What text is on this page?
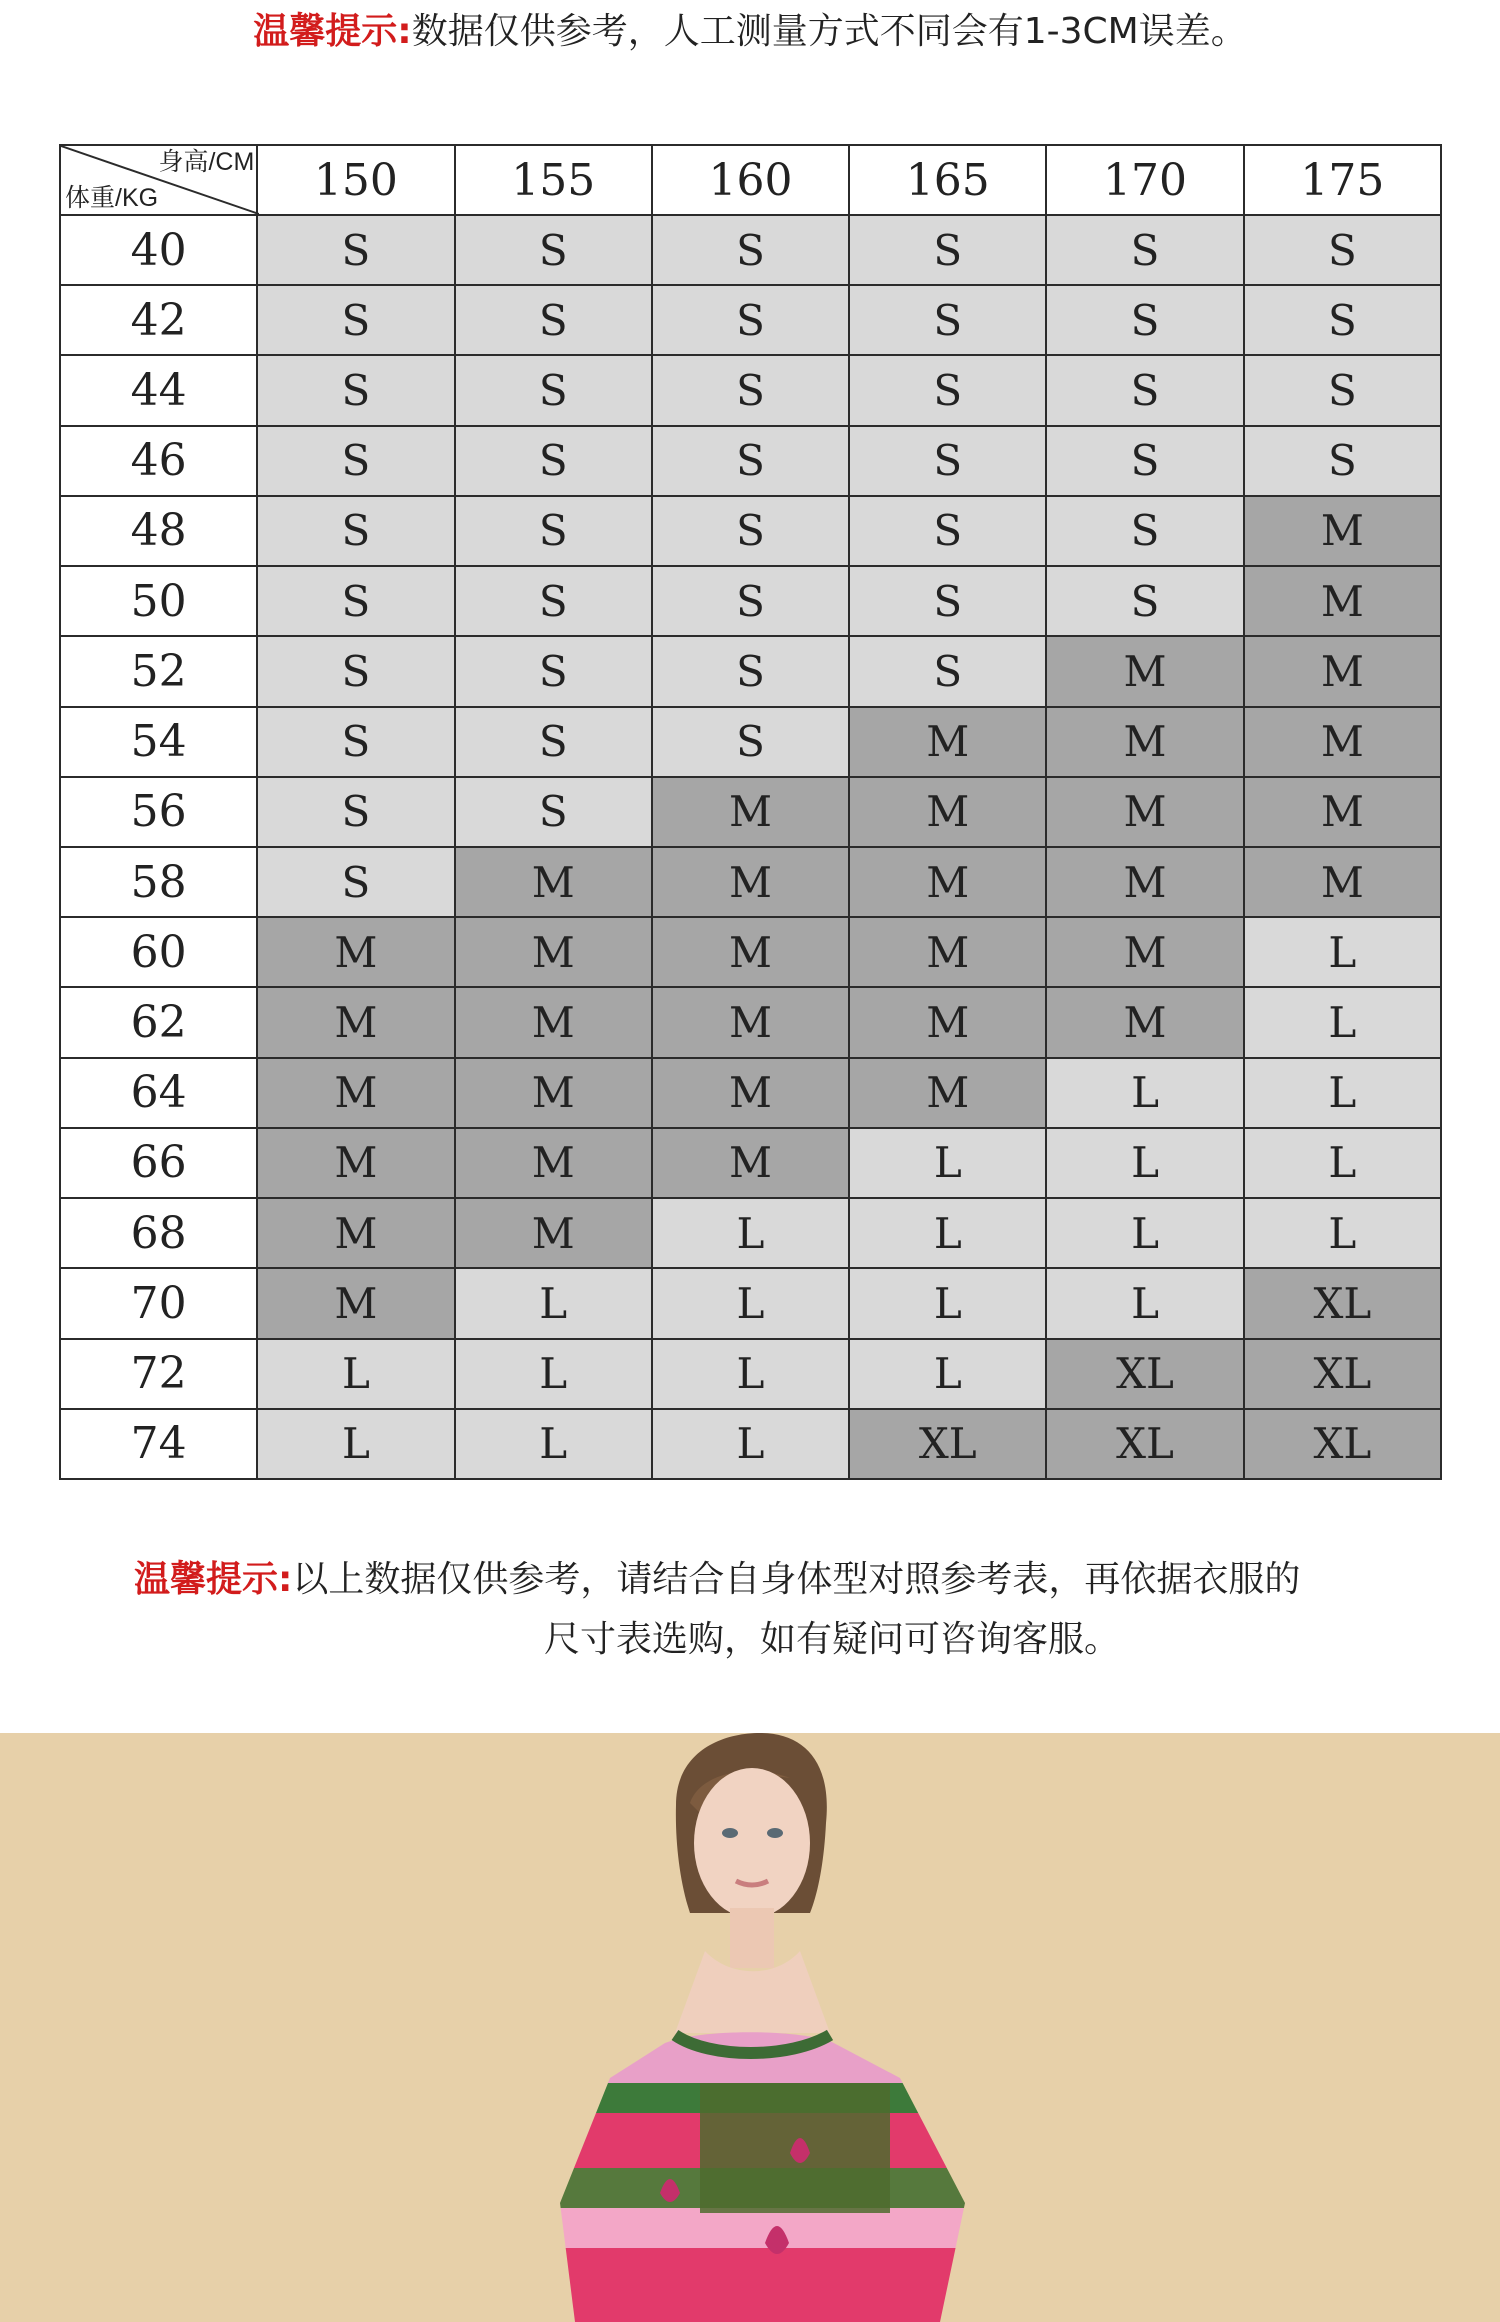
温馨提示:数据仅供参考，人工测量方式不同会有1-3CM误差。
身高/CM
体重/KG	150	155	160	165	170	175
40	S	S	S	S	S	S
42	S	S	S	S	S	S
44	S	S	S	S	S	S
46	S	S	S	S	S	S
48	S	S	S	S	S	M
50	S	S	S	S	S	M
52	S	S	S	S	M	M
54	S	S	S	M	M	M
56	S	S	M	M	M	M
58	S	M	M	M	M	M
60	M	M	M	M	M	L
62	M	M	M	M	M	L
64	M	M	M	M	L	L
66	M	M	M	L	L	L
68	M	M	L	L	L	L
70	M	L	L	L	L	XL
72	L	L	L	L	XL	XL
74	L	L	L	XL	XL	XL
温馨提示:以上数据仅供参考，请结合自身体型对照参考表，再依据衣服的
尺寸表选购，如有疑问可咨询客服。
